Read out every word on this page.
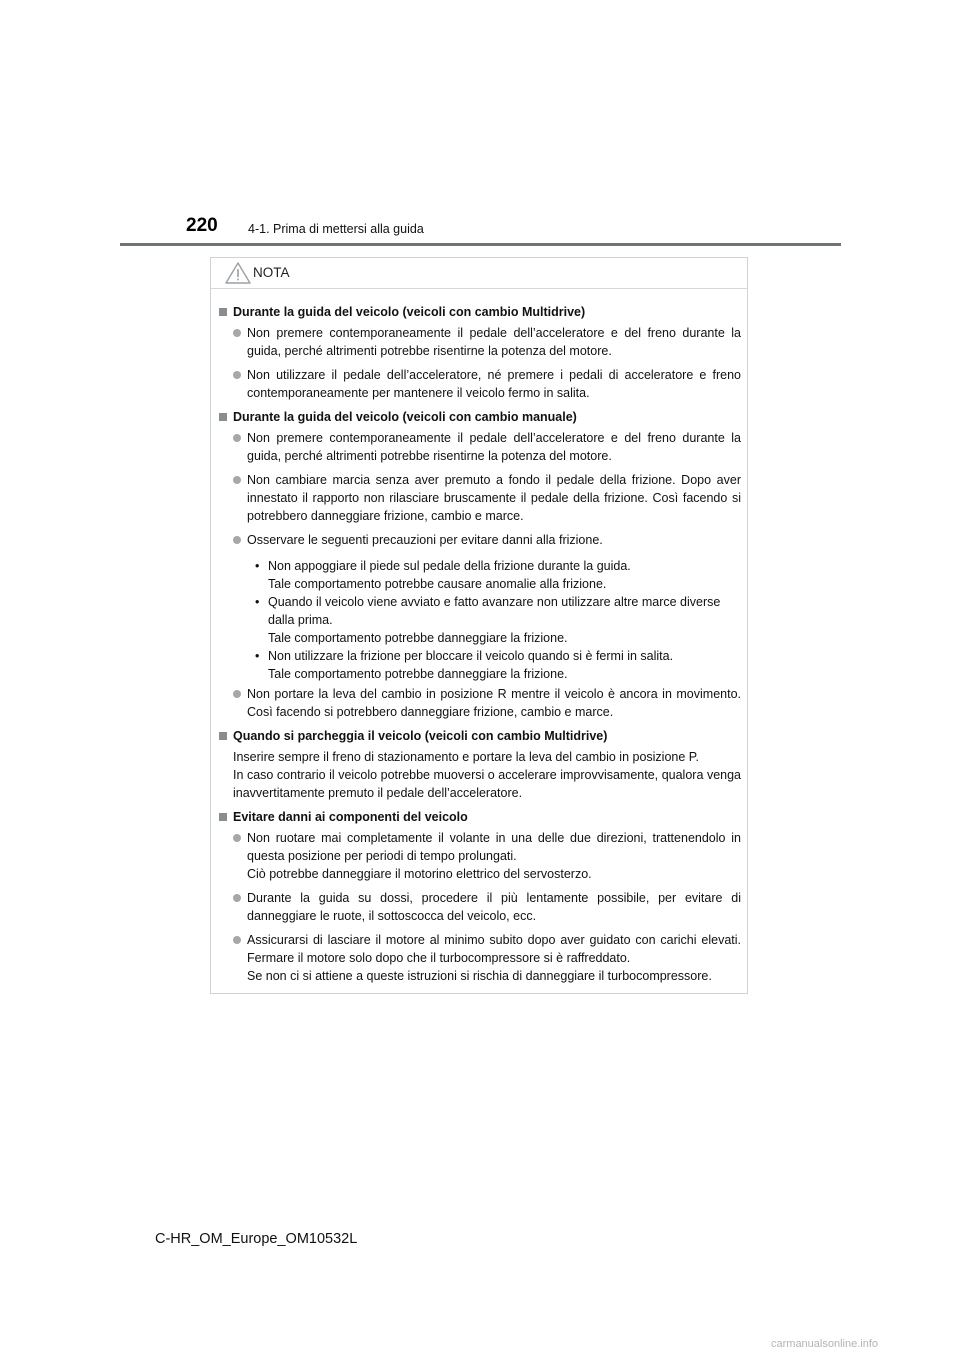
220 4-1. Prima di mettersi alla guida
NOTA
Durante la guida del veicolo (veicoli con cambio Multidrive)
Non premere contemporaneamente il pedale dell’acceleratore e del freno durante la guida, perché altrimenti potrebbe risentirne la potenza del motore.
Non utilizzare il pedale dell’acceleratore, né premere i pedali di acceleratore e freno contemporaneamente per mantenere il veicolo fermo in salita.
Durante la guida del veicolo (veicoli con cambio manuale)
Non premere contemporaneamente il pedale dell’acceleratore e del freno durante la guida, perché altrimenti potrebbe risentirne la potenza del motore.
Non cambiare marcia senza aver premuto a fondo il pedale della frizione. Dopo aver innestato il rapporto non rilasciare bruscamente il pedale della frizione. Così facendo si potrebbero danneggiare frizione, cambio e marce.
Osservare le seguenti precauzioni per evitare danni alla frizione.
• Non appoggiare il piede sul pedale della frizione durante la guida.
Tale comportamento potrebbe causare anomalie alla frizione.
• Quando il veicolo viene avviato e fatto avanzare non utilizzare altre marce diverse dalla prima.
Tale comportamento potrebbe danneggiare la frizione.
• Non utilizzare la frizione per bloccare il veicolo quando si è fermi in salita.
Tale comportamento potrebbe danneggiare la frizione.
Non portare la leva del cambio in posizione R mentre il veicolo è ancora in movimento. Così facendo si potrebbero danneggiare frizione, cambio e marce.
Quando si parcheggia il veicolo (veicoli con cambio Multidrive)
Inserire sempre il freno di stazionamento e portare la leva del cambio in posizione P.
In caso contrario il veicolo potrebbe muoversi o accelerare improvvisamente, qualora venga inavvertitamente premuto il pedale dell’acceleratore.
Evitare danni ai componenti del veicolo
Non ruotare mai completamente il volante in una delle due direzioni, trattenendolo in questa posizione per periodi di tempo prolungati.
Ciò potrebbe danneggiare il motorino elettrico del servosterzo.
Durante la guida su dossi, procedere il più lentamente possibile, per evitare di danneggiare le ruote, il sottoscocca del veicolo, ecc.
Assicurarsi di lasciare il motore al minimo subito dopo aver guidato con carichi elevati. Fermare il motore solo dopo che il turbocompressore si è raffreddato.
Se non ci si attiene a queste istruzioni si rischia di danneggiare il turbocompressore.
C-HR_OM_Europe_OM10532L
carmanualsonline.info
